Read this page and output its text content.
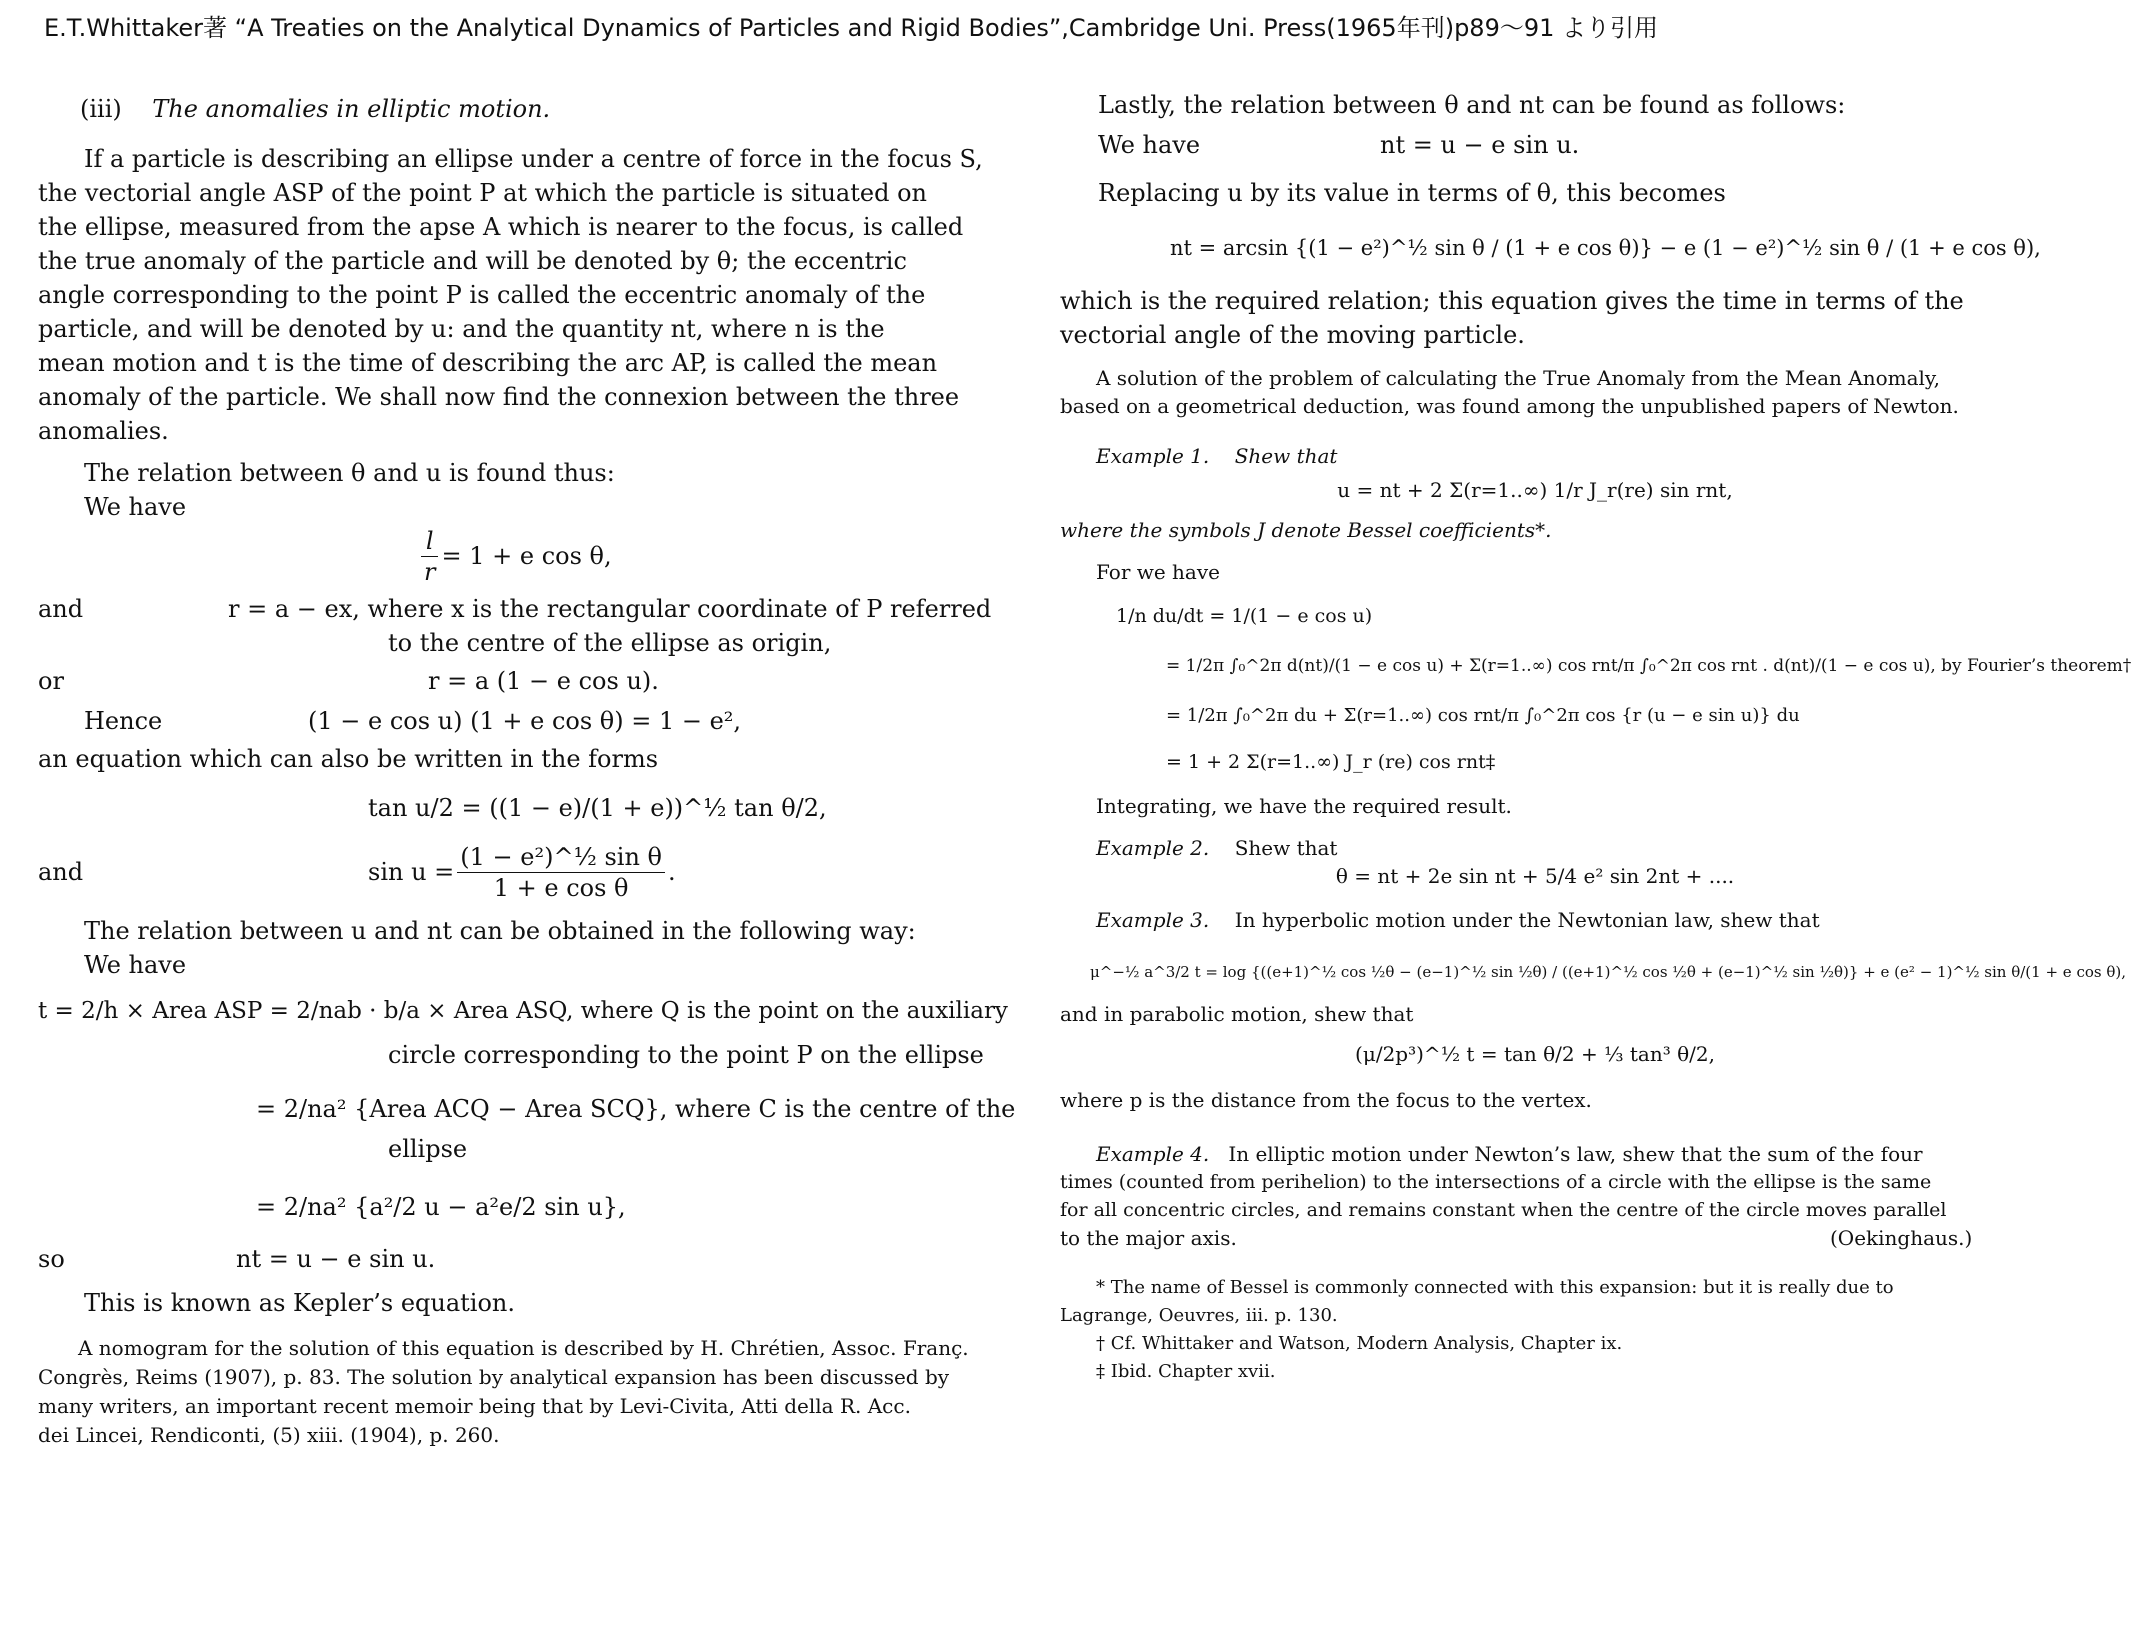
E.T.Whittaker著 “A Treaties on the Analytical Dynamics of Particles and Rigid Bodies”,Cambridge Uni. Press(1965年刊)p89～91 より引用

(iii) The anomalies in elliptic motion.

If a particle is describing an ellipse under a centre of force in the focus S,

the vectorial angle ASP of the point P at which the particle is situated on

the ellipse, measured from the apse A which is nearer to the focus, is called

the true anomaly of the particle and will be denoted by θ; the eccentric

angle corresponding to the point P is called the eccentric anomaly of the

particle, and will be denoted by u: and the quantity nt, where n is the

mean motion and t is the time of describing the arc AP, is called the mean

anomaly of the particle. We shall now find the connexion between the three

anomalies.

The relation between θ and u is found thus:

We have

$\frac{l}{r} = 1 + e$ cos θ,
and	r = a − ex, where x is the rectangular coordinate of P referred

to the centre of the ellipse as origin,

or	r = a (1 − e cos u).
Hence	(1 − e cos u) (1 + e cos θ) = 1 − e²,

an equation which can also be written in the forms

tan u/2 = ((1 − e)/(1 + e))^½ tan θ/2,

and	$\sin u = \frac{\text{(1 − e²)\textasciicircum{}½ sin θ}}{\text{1 + e cos θ}}$ .

The relation between u and nt can be obtained in the following way:

We have

t = 2/h × Area ASP = 2/nab · b/a × Area ASQ, where Q is the point on the auxiliary

circle corresponding to the point P on the ellipse

= 2/na² {Area ACQ − Area SCQ}, where C is the centre of the

ellipse

= 2/na² {a²/2 u − a²e/2 sin u},

so	nt = u − e sin u.

This is known as Kepler’s equation.

A nomogram for the solution of this equation is described by H. Chrétien, Assoc. Franç.

Congrès, Reims (1907), p. 83. The solution by analytical expansion has been discussed by

many writers, an important recent memoir being that by Levi-Civita, Atti della R. Acc.

dei Lincei, Rendiconti, (5) xiii. (1904), p. 260.

Lastly, the relation between θ and nt can be found as follows:

We have	nt = u − e sin u.

Replacing u by its value in terms of θ, this becomes

nt = arcsin {(1 − e²)^½ sin θ / (1 + e cos θ)} − e (1 − e²)^½ sin θ / (1 + e cos θ),

which is the required relation; this equation gives the time in terms of the

vectorial angle of the moving particle.

A solution of the problem of calculating the True Anomaly from the Mean Anomaly,

based on a geometrical deduction, was found among the unpublished papers of Newton.

Example 1. Shew that

u = nt + 2 Σ(r=1..∞) 1/r J_r(re) sin rnt,

where the symbols J denote Bessel coefficients*.

For we have

1/n du/dt = 1/(1 − e cos u)

= 1/2π ∫₀^2π d(nt)/(1 − e cos u) + Σ(r=1..∞) cos rnt/π ∫₀^2π cos rnt . d(nt)/(1 − e cos u), by Fourier’s theorem†

= 1/2π ∫₀^2π du + Σ(r=1..∞) cos rnt/π ∫₀^2π cos {r (u − e sin u)} du

= 1 + 2 Σ(r=1..∞) J_r (re) cos rnt‡

Integrating, we have the required result.

Example 2. Shew that

θ = nt + 2e sin nt + 5/4 e² sin 2nt + ....

Example 3. In hyperbolic motion under the Newtonian law, shew that

μ^−½ a^3/2 t = log {((e+1)^½ cos ½θ − (e−1)^½ sin ½θ) / ((e+1)^½ cos ½θ + (e−1)^½ sin ½θ)} + e (e² − 1)^½ sin θ/(1 + e cos θ),

and in parabolic motion, shew that

(μ/2p³)^½ t = tan θ/2 + ⅓ tan³ θ/2,

where p is the distance from the focus to the vertex.

Example 4. In elliptic motion under Newton’s law, shew that the sum of the four

times (counted from perihelion) to the intersections of a circle with the ellipse is the same

for all concentric circles, and remains constant when the centre of the circle moves parallel

to the major axis.	(Oekinghaus.)

* The name of Bessel is commonly connected with this expansion: but it is really due to

Lagrange, Oeuvres, iii. p. 130.

† Cf. Whittaker and Watson, Modern Analysis, Chapter ix.

‡ Ibid. Chapter xvii.
